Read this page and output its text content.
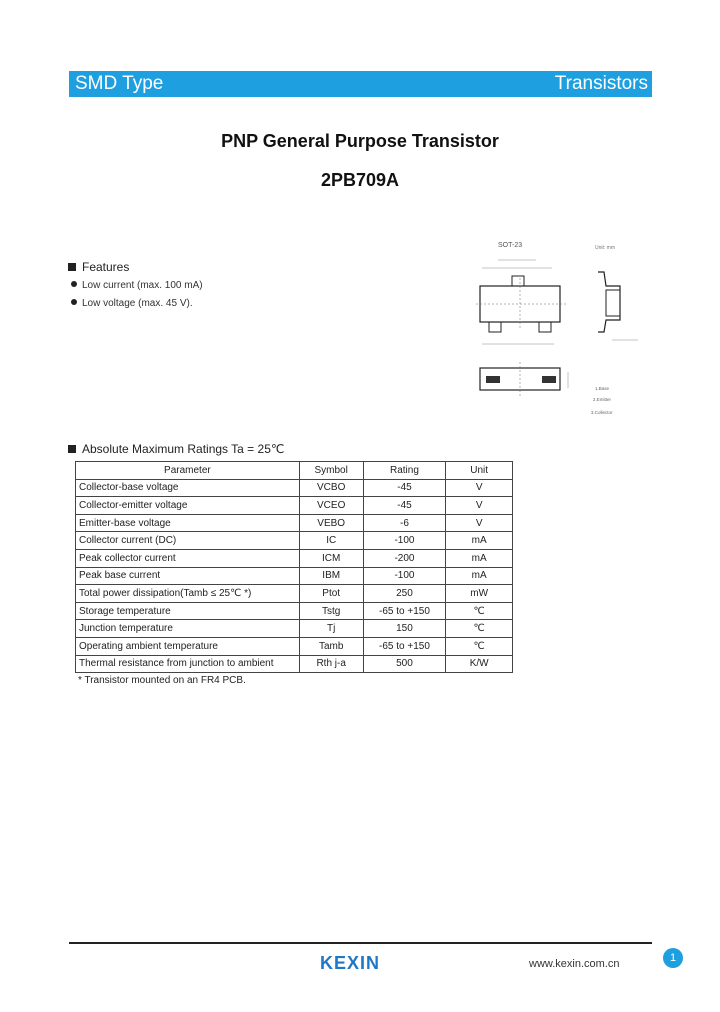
SMD Type	Transistors
PNP General Purpose Transistor
2PB709A
Features
Low current (max. 100 mA)
Low voltage (max. 45 V).
SOT-23	Unit: mm
1.Base
2.Emitter
3.Collector
Absolute Maximum Ratings Ta = 25℃
Parameter	Symbol	Rating	Unit
Collector-base voltage	VCBO	-45	V
Collector-emitter voltage	VCEO	-45	V
Emitter-base voltage	VEBO	-6	V
Collector current (DC)	IC	-100	mA
Peak collector current	ICM	-200	mA
Peak base current	IBM	-100	mA
Total power dissipation(Tamb ≤ 25℃ *)	Ptot	250	mW
Storage temperature	Tstg	-65 to +150	℃
Junction temperature	Tj	150	℃
Operating ambient temperature	Tamb	-65 to +150	℃
Thermal resistance from junction to ambient	Rth j-a	500	K/W
* Transistor mounted on an FR4 PCB.
KEXIN	www.kexin.com.cn	1
